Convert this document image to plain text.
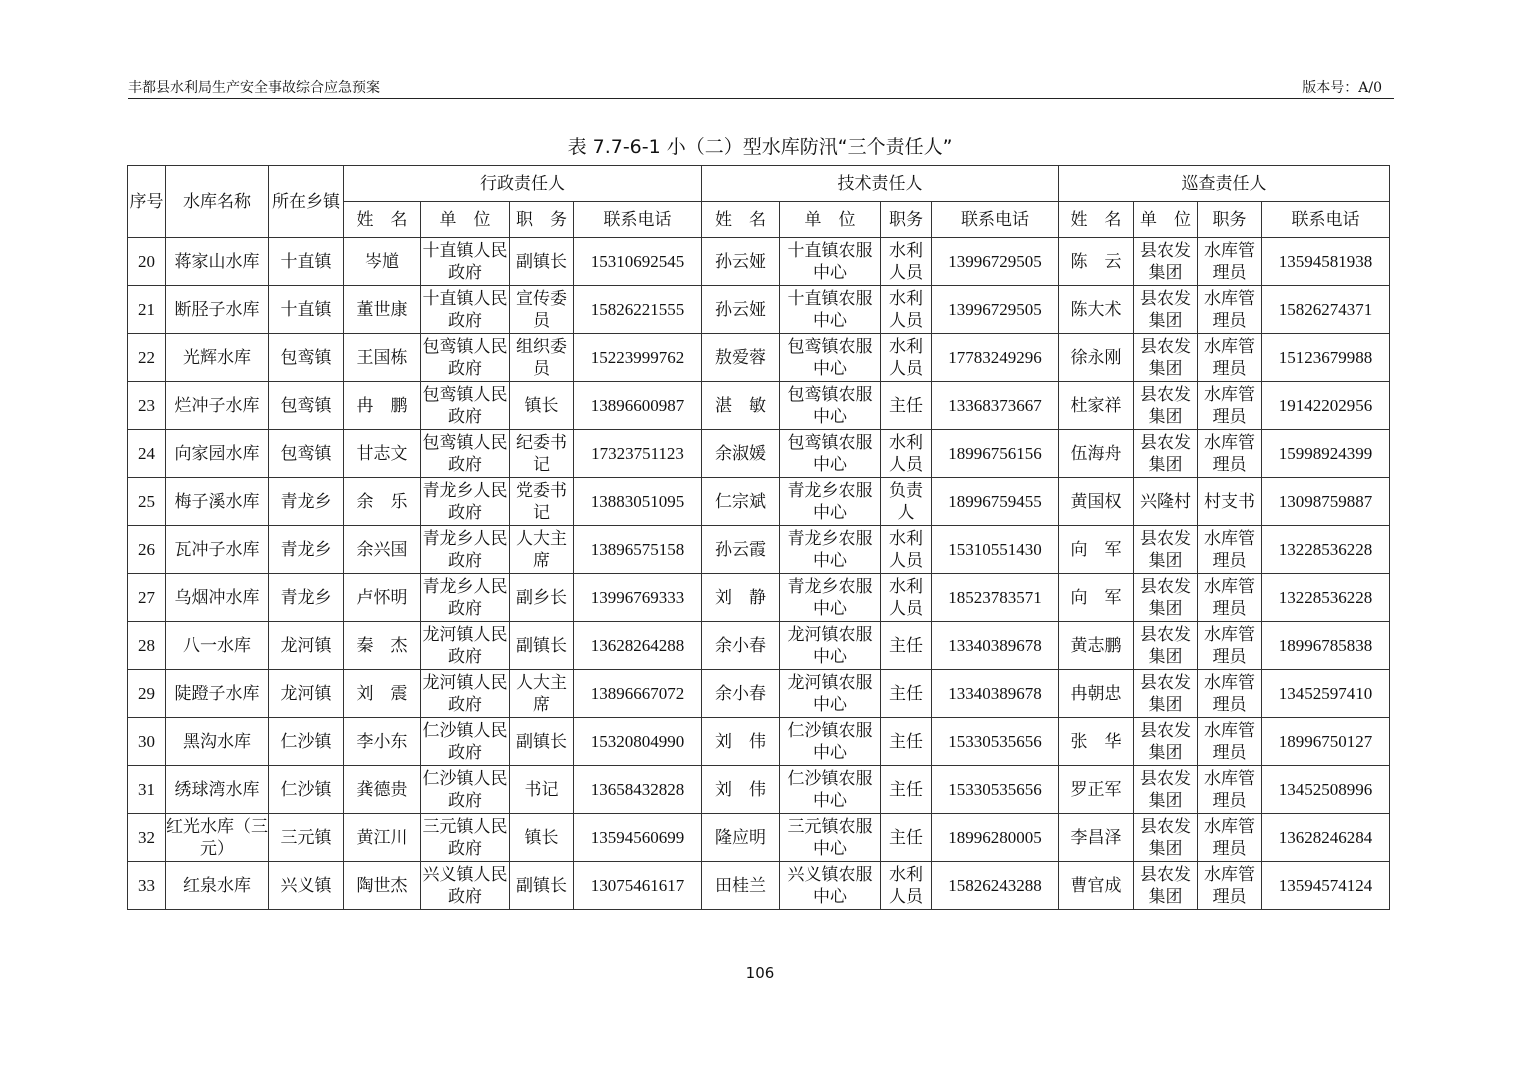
丰都县水利局生产安全事故综合应急预案	版本号：A/0
表 7.7-6-1 小（二）型水库防汛“三个责任人”
序号	水库名称	所在乡镇	行政责任人				技术责任人				巡查责任人			
			姓　名	单　位	职　务	联系电话	姓　名	单　位	职务	联系电话	姓　名	单　位	职务	联系电话
20	蒋家山水库	十直镇	岑馗	十直镇人民政府	副镇长	15310692545	孙云娅	十直镇农服中心	水利人员	13996729505	陈　云	县农发集团	水库管理员	13594581938
21	断胫子水库	十直镇	董世康	十直镇人民政府	宣传委员	15826221555	孙云娅	十直镇农服中心	水利人员	13996729505	陈大术	县农发集团	水库管理员	15826274371
22	光辉水库	包鸾镇	王国栋	包鸾镇人民政府	组织委员	15223999762	敖爱蓉	包鸾镇农服中心	水利人员	17783249296	徐永刚	县农发集团	水库管理员	15123679988
23	烂冲子水库	包鸾镇	冉　鹏	包鸾镇人民政府	镇长	13896600987	湛　敏	包鸾镇农服中心	主任	13368373667	杜家祥	县农发集团	水库管理员	19142202956
24	向家园水库	包鸾镇	甘志文	包鸾镇人民政府	纪委书记	17323751123	余淑媛	包鸾镇农服中心	水利人员	18996756156	伍海舟	县农发集团	水库管理员	15998924399
25	梅子溪水库	青龙乡	余　乐	青龙乡人民政府	党委书记	13883051095	仁宗斌	青龙乡农服中心	负责人	18996759455	黄国权	兴隆村	村支书	13098759887
26	瓦冲子水库	青龙乡	余兴国	青龙乡人民政府	人大主席	13896575158	孙云霞	青龙乡农服中心	水利人员	15310551430	向　军	县农发集团	水库管理员	13228536228
27	乌烟冲水库	青龙乡	卢怀明	青龙乡人民政府	副乡长	13996769333	刘　静	青龙乡农服中心	水利人员	18523783571	向　军	县农发集团	水库管理员	13228536228
28	八一水库	龙河镇	秦　杰	龙河镇人民政府	副镇长	13628264288	余小春	龙河镇农服中心	主任	13340389678	黄志鹏	县农发集团	水库管理员	18996785838
29	陡蹬子水库	龙河镇	刘　震	龙河镇人民政府	人大主席	13896667072	余小春	龙河镇农服中心	主任	13340389678	冉朝忠	县农发集团	水库管理员	13452597410
30	黑沟水库	仁沙镇	李小东	仁沙镇人民政府	副镇长	15320804990	刘　伟	仁沙镇农服中心	主任	15330535656	张　华	县农发集团	水库管理员	18996750127
31	绣球湾水库	仁沙镇	龚德贵	仁沙镇人民政府	书记	13658432828	刘　伟	仁沙镇农服中心	主任	15330535656	罗正军	县农发集团	水库管理员	13452508996
32	红光水库（三元）	三元镇	黄江川	三元镇人民政府	镇长	13594560699	隆应明	三元镇农服中心	主任	18996280005	李昌泽	县农发集团	水库管理员	13628246284
33	红泉水库	兴义镇	陶世杰	兴义镇人民政府	副镇长	13075461617	田桂兰	兴义镇农服中心	水利人员	15826243288	曹官成	县农发集团	水库管理员	13594574124
106
